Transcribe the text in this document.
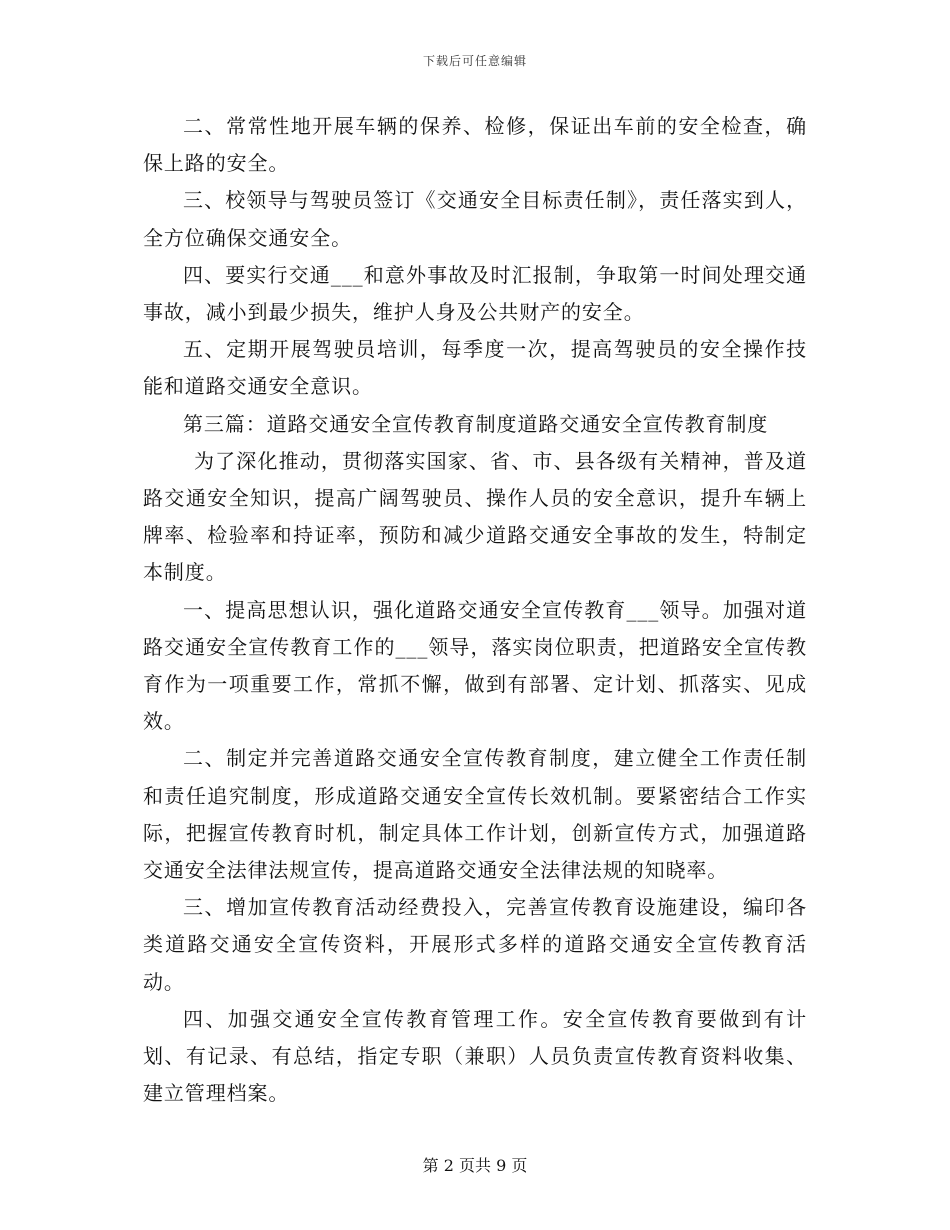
下载后可任意编辑

二、常常性地开展车辆的保养、检修，保证出车前的安全检查，确保上路的安全。

三、校领导与驾驶员签订《交通安全目标责任制》，责任落实到人，全方位确保交通安全。

四、要实行交通___和意外事故及时汇报制，争取第一时间处理交通事故，减小到最少损失，维护人身及公共财产的安全。

五、定期开展驾驶员培训，每季度一次，提高驾驶员的安全操作技能和道路交通安全意识。

第三篇：道路交通安全宣传教育制度道路交通安全宣传教育制度

为了深化推动，贯彻落实国家、省、市、县各级有关精神，普及道路交通安全知识，提高广阔驾驶员、操作人员的安全意识，提升车辆上牌率、检验率和持证率，预防和减少道路交通安全事故的发生，特制定本制度。

一、提高思想认识，强化道路交通安全宣传教育___领导。加强对道路交通安全宣传教育工作的___领导，落实岗位职责，把道路安全宣传教育作为一项重要工作，常抓不懈，做到有部署、定计划、抓落实、见成效。

二、制定并完善道路交通安全宣传教育制度，建立健全工作责任制和责任追究制度，形成道路交通安全宣传长效机制。要紧密结合工作实际，把握宣传教育时机，制定具体工作计划，创新宣传方式，加强道路交通安全法律法规宣传，提高道路交通安全法律法规的知晓率。

三、增加宣传教育活动经费投入，完善宣传教育设施建设，编印各类道路交通安全宣传资料，开展形式多样的道路交通安全宣传教育活动。

四、加强交通安全宣传教育管理工作。安全宣传教育要做到有计划、有记录、有总结，指定专职（兼职）人员负责宣传教育资料收集、建立管理档案。

第 2 页共 9 页
